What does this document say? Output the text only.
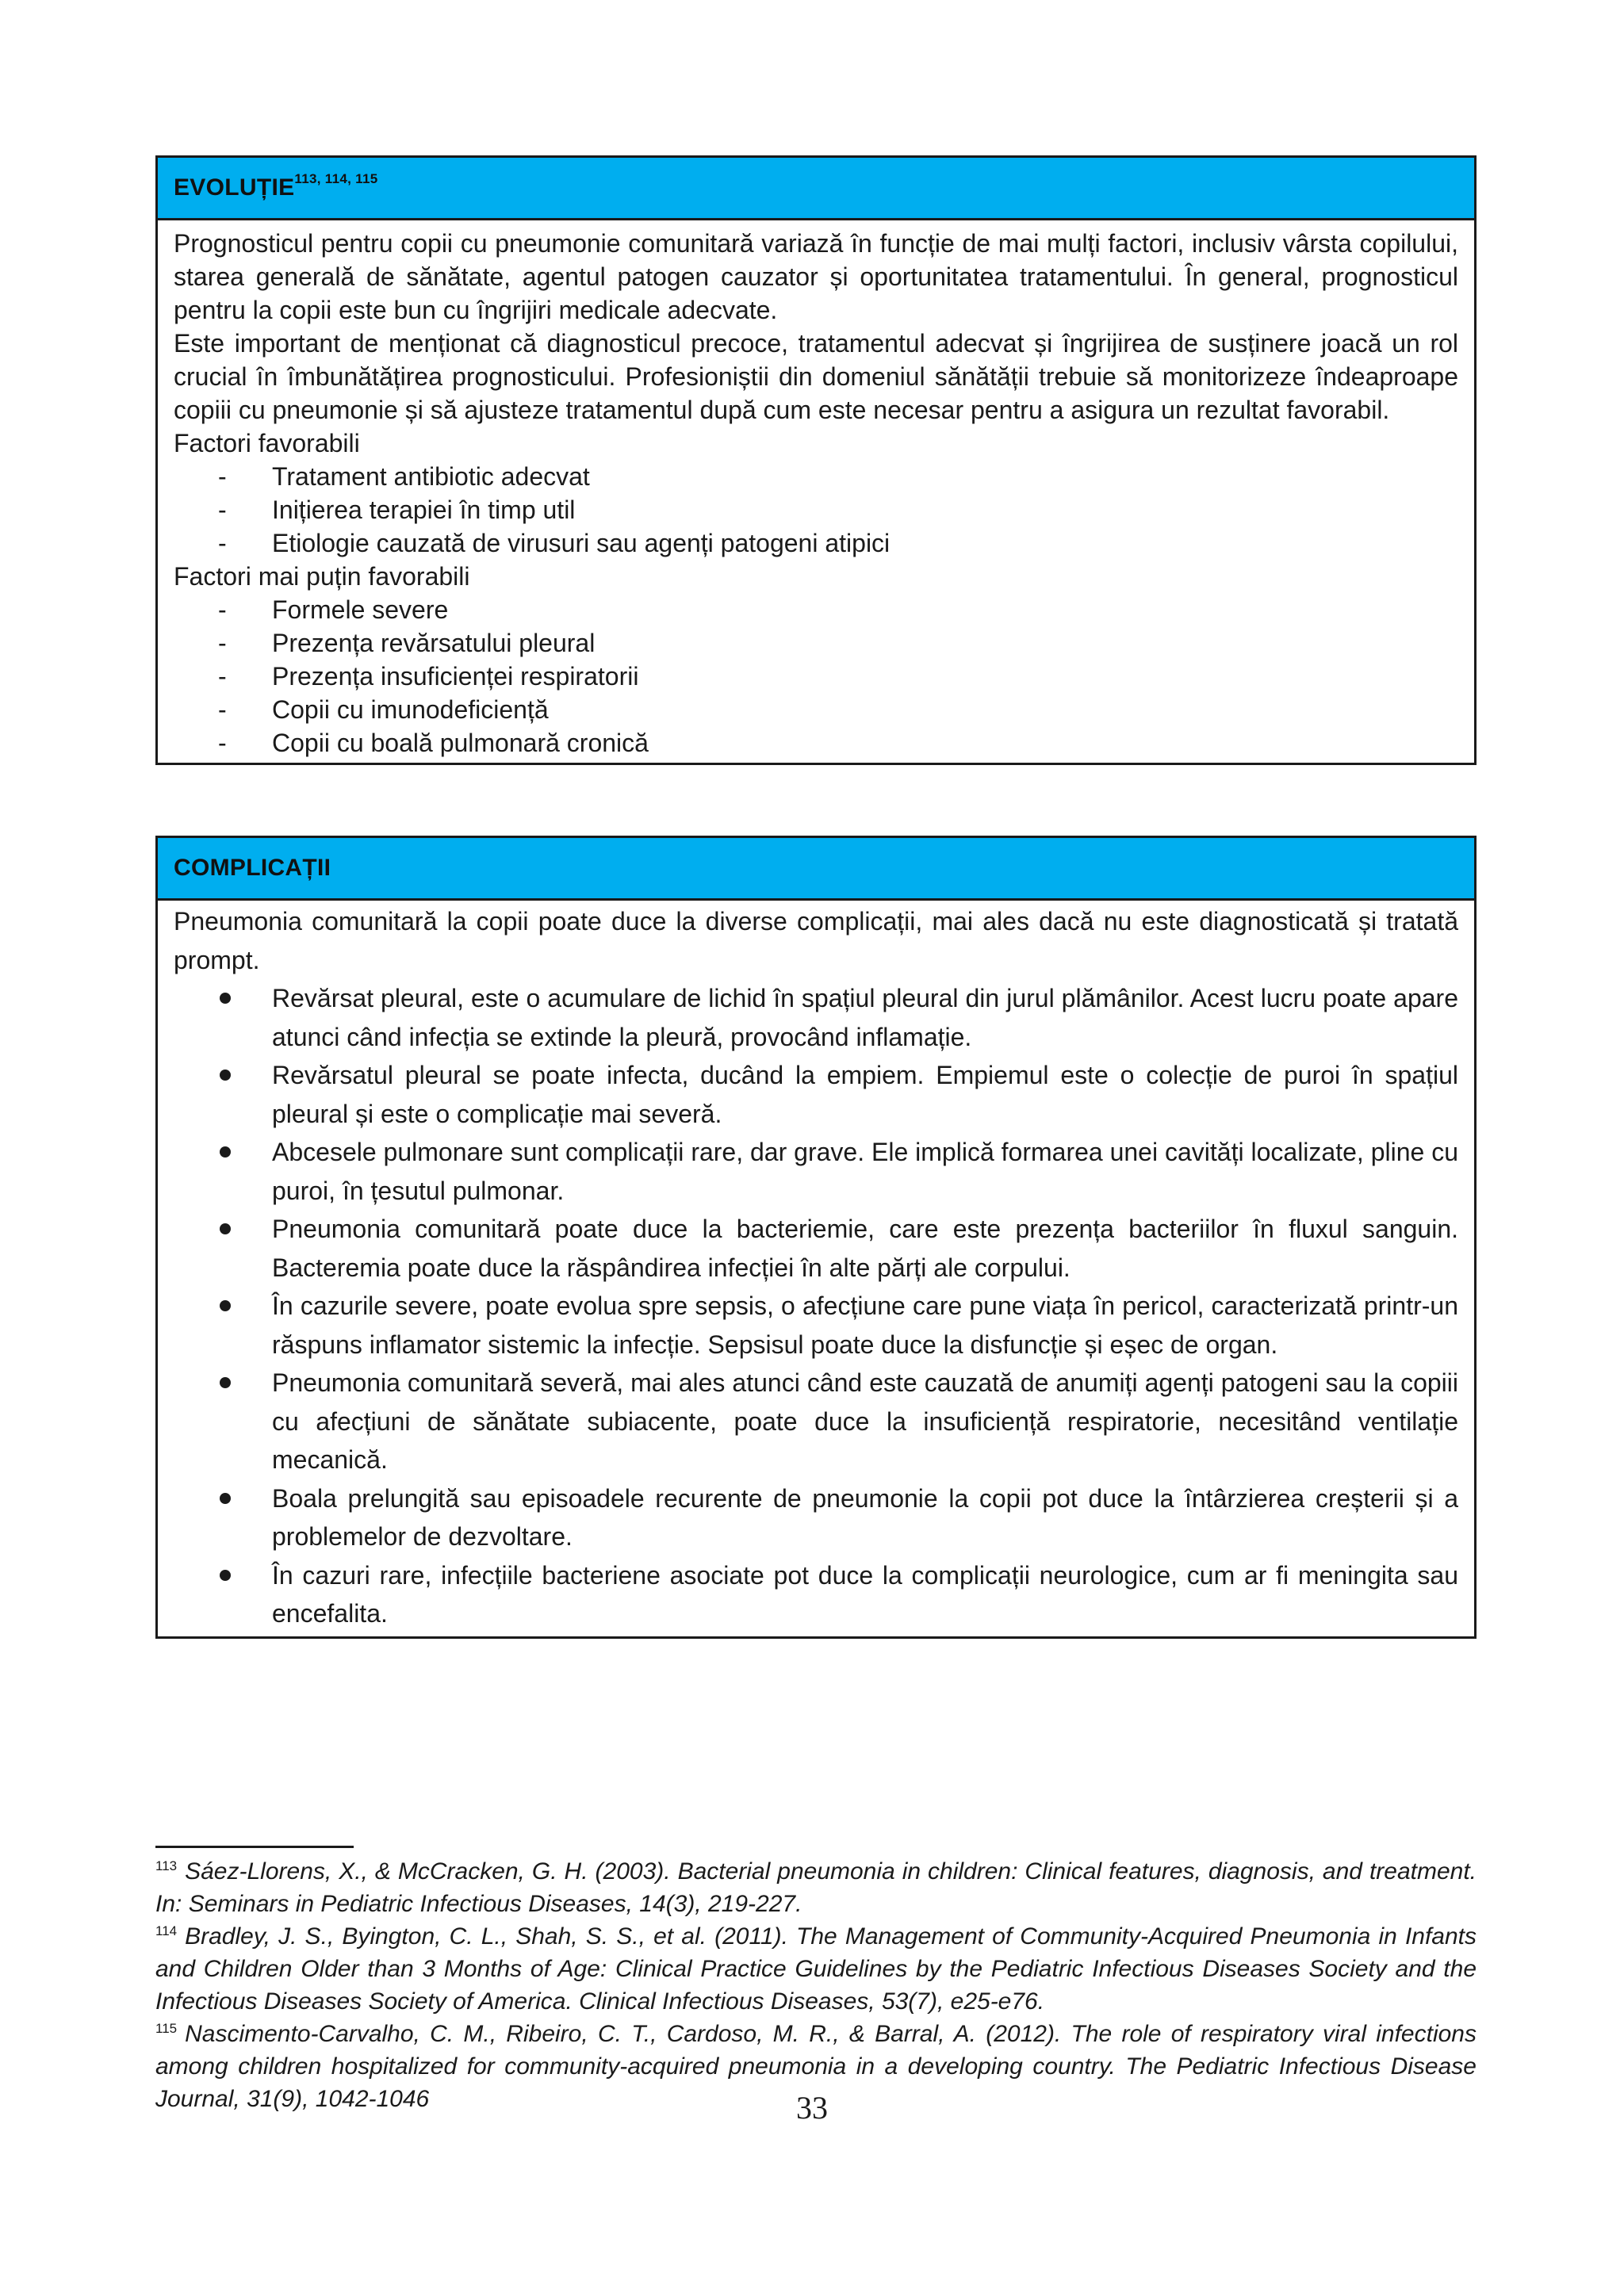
EVOLUȚIE$^{113, 114, 115}$

Prognosticul pentru copii cu pneumonie comunitară variază în funcție de mai mulți factori, inclusiv vârsta copilului, starea generală de sănătate, agentul patogen cauzator și oportunitatea tratamentului. În general, prognosticul pentru la copii este bun cu îngrijiri medicale adecvate.

Este important de menționat că diagnosticul precoce, tratamentul adecvat și îngrijirea de susținere joacă un rol crucial în îmbunătățirea prognosticului. Profesioniștii din domeniul sănătății trebuie să monitorizeze îndeaproape copiii cu pneumonie și să ajusteze tratamentul după cum este necesar pentru a asigura un rezultat favorabil.

Factori favorabili

- Tratament antibiotic adecvat
- Inițierea terapiei în timp util
- Etiologie cauzată de virusuri sau agenți patogeni atipici

Factori mai puțin favorabili

- Formele severe
- Prezența revărsatului pleural
- Prezența insuficienței respiratorii
- Copii cu imunodeficiență
- Copii cu boală pulmonară cronică
COMPLICAȚII

Pneumonia comunitară la copii poate duce la diverse complicații, mai ales dacă nu este diagnosticată și tratată prompt.

Revărsat pleural, este o acumulare de lichid în spațiul pleural din jurul plămânilor. Acest lucru poate apare atunci când infecția se extinde la pleură, provocând inflamație.
Revărsatul pleural se poate infecta, ducând la empiem. Empiemul este o colecție de puroi în spațiul pleural și este o complicație mai severă.
Abcesele pulmonare sunt complicații rare, dar grave. Ele implică formarea unei cavități localizate, pline cu puroi, în țesutul pulmonar.
Pneumonia comunitară poate duce la bacteriemie, care este prezența bacteriilor în fluxul sanguin. Bacteremia poate duce la răspândirea infecției în alte părți ale corpului.
În cazurile severe, poate evolua spre sepsis, o afecțiune care pune viața în pericol, caracterizată printr-un răspuns inflamator sistemic la infecție. Sepsisul poate duce la disfuncție și eșec de organ.
Pneumonia comunitară severă, mai ales atunci când este cauzată de anumiți agenți patogeni sau la copiii cu afecțiuni de sănătate subiacente, poate duce la insuficiență respiratorie, necesitând ventilație mecanică.
Boala prelungită sau episoadele recurente de pneumonie la copii pot duce la întârzierea creșterii și a problemelor de dezvoltare.
În cazuri rare, infecțiile bacteriene asociate pot duce la complicații neurologice, cum ar fi meningita sau encefalita.

$^{113}$ Sáez-Llorens, X., & McCracken, G. H. (2003). Bacterial pneumonia in children: Clinical features, diagnosis, and treatment. In: Seminars in Pediatric Infectious Diseases, 14(3), 219-227.

$^{114}$ Bradley, J. S., Byington, C. L., Shah, S. S., et al. (2011). The Management of Community-Acquired Pneumonia in Infants and Children Older than 3 Months of Age: Clinical Practice Guidelines by the Pediatric Infectious Diseases Society and the Infectious Diseases Society of America. Clinical Infectious Diseases, 53(7), e25-e76.

$^{115}$ Nascimento-Carvalho, C. M., Ribeiro, C. T., Cardoso, M. R., & Barral, A. (2012). The role of respiratory viral infections among children hospitalized for community-acquired pneumonia in a developing country. The Pediatric Infectious Disease Journal, 31(9), 1042-1046	33
